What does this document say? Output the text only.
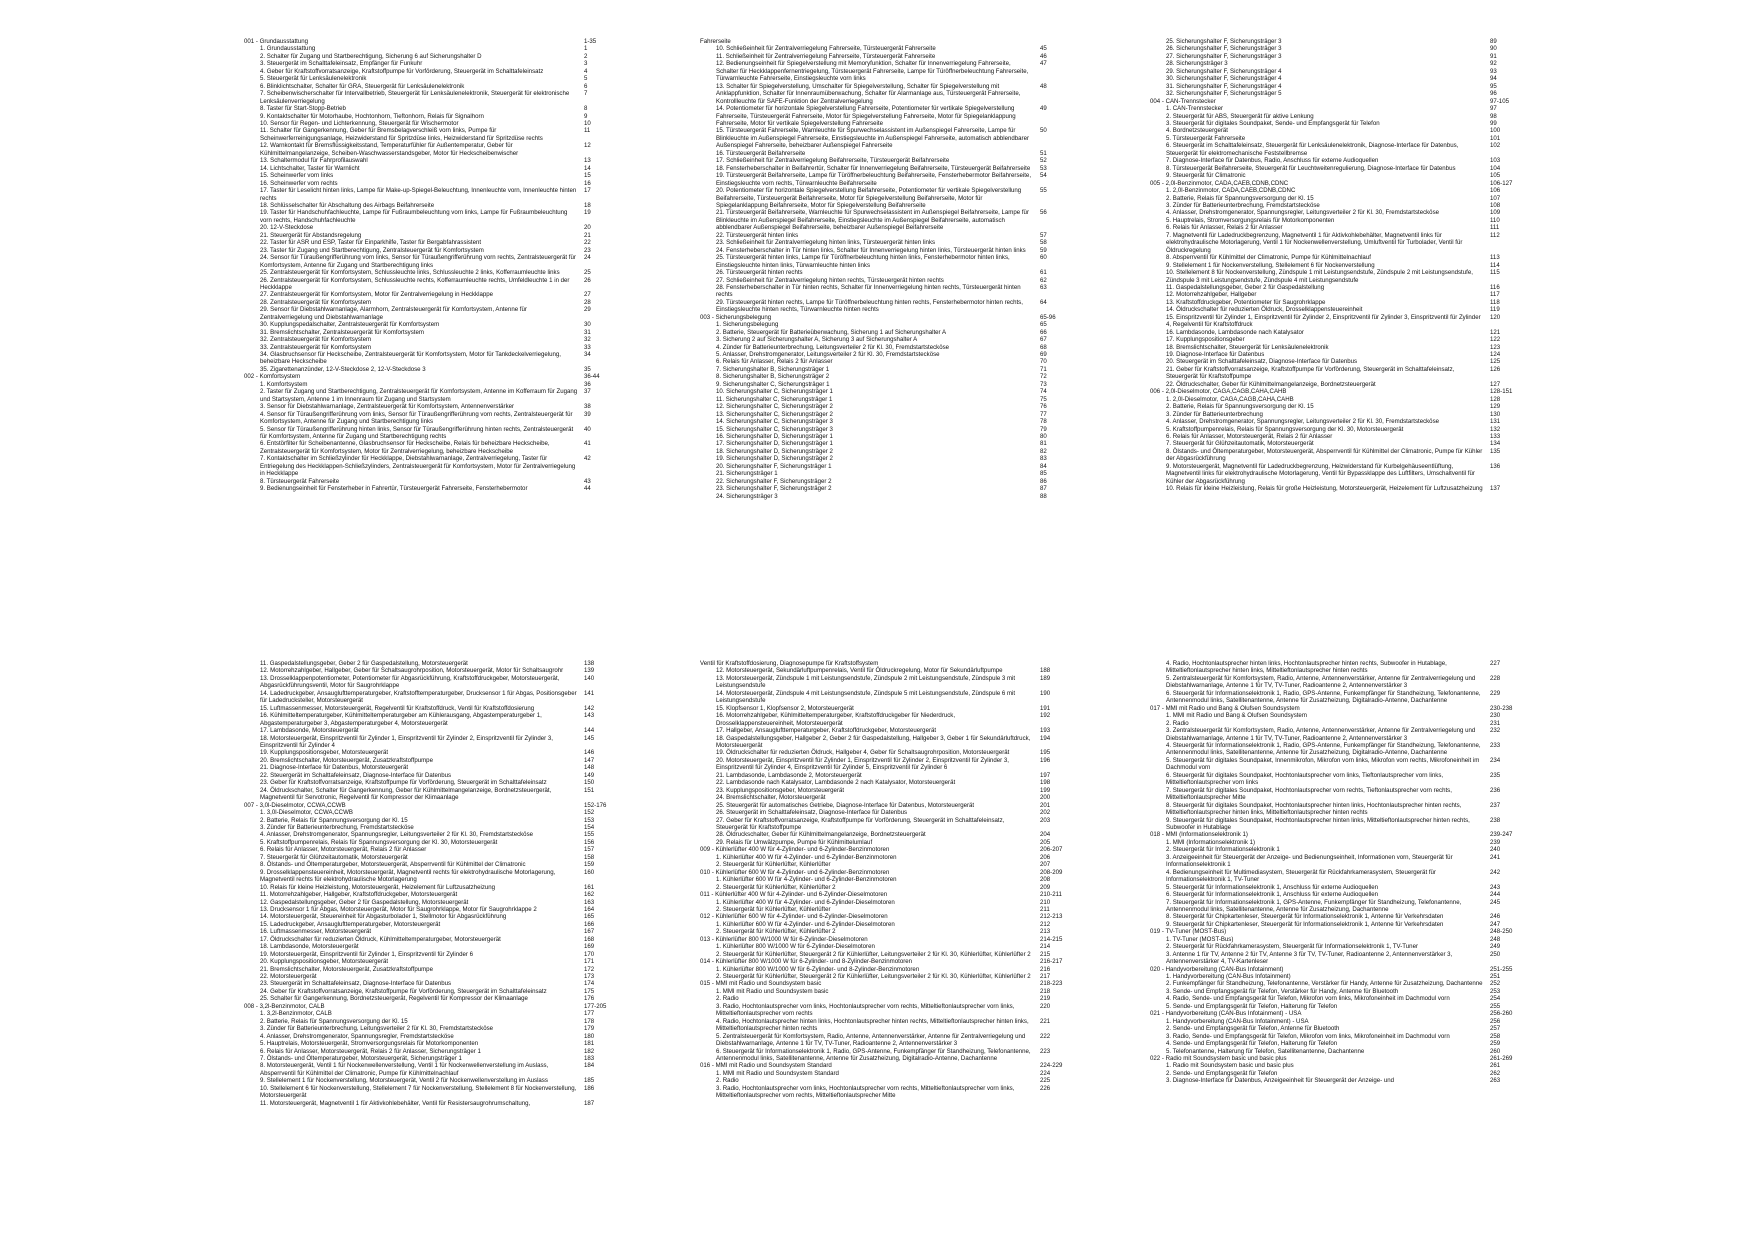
001 - Grundausstattung	1-35
1. Grundausstattung	1
2. Schalter für Zugang und Startberechtigung, Sicherung 6 auf Sicherungshalter D	2
3. Steuergerät im Schalttafeleinsatz, Empfänger für Funkuhr	3
4. Geber für Kraftstoffvorratsanzeige, Kraftstoffpumpe für Vorförderung, Steuergerät im Schalttafeleinsatz	4
5. Steuergerät für Lenksäulenelektronik	5
6. Blinklichtschalter, Schalter für GRA, Steuergerät für Lenksäulenelektronik	6
7. Scheibenwischerschalter für Intervallbetrieb, Steuergerät für Lenksäulenelektronik, Steuergerät für elektronische Lenksäulenverriegelung
7
8. Taster für Start-Stopp-Betrieb	8
9. Kontaktschalter für Motorhaube, Hochtonhorn, Tieftonhorn, Relais für Signalhorn	9
10. Sensor für Regen- und Lichterkennung, Steuergerät für Wischermotor	10
11. Schalter für Gangerkennung, Geber für Bremsbelagverschleiß vorn links, Pumpe für Scheinwerferreinigungsanlage, Heizwiderstand für Spritzdüse links, Heizwiderstand für Spritzdüse rechts
11
12. Warnkontakt für Bremsflüssigkeitsstand, Temperaturfühler für Außentemperatur, Geber für Kühlmittelmangelanzeige, Scheiben-Waschwasserstandsgeber, Motor für Heckscheibenwischer
12
13. Schaltermodul für Fahrprofilauswahl	13
14. Lichtschalter, Taster für Warnlicht	14
15. Scheinwerfer vorn links	15
16. Scheinwerfer vorn rechts	16
17. Taster für Leselicht hinten links, Lampe für Make-up-Spiegel-Beleuchtung, Innenleuchte vorn, Innenleuchte hinten rechts
17
18. Schlüsselschalter für Abschaltung des Airbags Beifahrerseite	18
19. Taster für Handschuhfachleuchte, Lampe für Fußraumbeleuchtung vorn links, Lampe für Fußraumbeleuchtung vorn rechts, Handschuhfachleuchte
19
20. 12-V-Steckdose	20
21. Steuergerät für Abstandsregelung	21
22. Taster für ASR und ESP, Taster für Einparkhilfe, Taster für Bergabfahrassistent	22
23. Taster für Zugang und Startberechtigung, Zentralsteuergerät für Komfortsystem	23
24. Sensor für Türaußengrifferührung vorn links, Sensor für Türaußengrifferührung vorn rechts, Zentralsteuergerät für Komfortsystem, Antenne für Zugang und Startberechtigung links
24
25. Zentralsteuergerät für Komfortsystem, Schlussleuchte links, Schlussleuchte 2 links, Kofferraumleuchte links	25
26. Zentralsteuergerät für Komfortsystem, Schlussleuchte rechts, Kofferraumleuchte rechts, Umfeldleuchte 1 in der Heckklappe
26
27. Zentralsteuergerät für Komfortsystem, Motor für Zentralverriegelung in Heckklappe	27
28. Zentralsteuergerät für Komfortsystem	28
29. Sensor für Diebstahlwarnanlage, Alarmhorn, Zentralsteuergerät für Komfortsystem, Antenne für Zentralverriegelung und Diebstahlwarnanlage
29
30. Kupplungspedalschalter, Zentralsteuergerät für Komfortsystem	30
31. Bremslichtschalter, Zentralsteuergerät für Komfortsystem	31
32. Zentralsteuergerät für Komfortsystem	32
33. Zentralsteuergerät für Komfortsystem	33
34. Glasbruchsensor für Heckscheibe, Zentralsteuergerät für Komfortsystem, Motor für Tankdeckelverriegelung, beheizbare Heckscheibe
34
35. Zigarettenanzünder, 12-V-Steckdose 2, 12-V-Steckdose 3	35
002 - Komfortsystem	36-44
1. Komfortsystem	36
2. Taster für Zugang und Startberechtigung, Zentralsteuergerät für Komfortsystem, Antenne im Kofferraum für Zugang und Startsystem, Antenne 1 im Innenraum für Zugang und Startsystem
37
3. Sensor für Diebstahlwarnanlage, Zentralsteuergerät für Komfortsystem, Antennenverstärker	38
4. Sensor für Türaußengrifferührung vorn links, Sensor für Türaußengrifferührung vorn rechts, Zentralsteuergerät für Komfortsystem, Antenne für Zugang und Startberechtigung links
39
5. Sensor für Türaußengrifferührung hinten links, Sensor für Türaußengrifferührung hinten rechts, Zentralsteuergerät für Komfortsystem, Antenne für Zugang und Startberechtigung rechts
40
6. Entstörfilter für Scheibenantenne, Glasbruchsensor für Heckscheibe, Relais für beheizbare Heckscheibe, Zentralsteuergerät für Komfortsystem, Motor für Zentralverriegelung, beheizbare Heckscheibe
41
7. Kontaktschalter im Schließzylinder für Heckklappe, Diebstahlwarnanlage, Zentralverriegelung, Taster für Entriegelung des Heckklappen-Schließzylinders, Zentralsteuergerät für Komfortsystem, Motor für Zentralverriegelung in Heckklappe
42
8. Türsteuergerät Fahrerseite	43
9. Bedienungseinheit für Fensterheber in Fahrertür, Türsteuergerät Fahrerseite, Fensterhebermotor	44
Fahrerseite
10. Schließeinheit für Zentralverriegelung Fahrerseite, Türsteuergerät Fahrerseite	45
11. Schließeinheit für Zentralverriegelung Fahrerseite, Türsteuergerät Fahrerseite	46
12. Bedienungseinheit für Spiegelverstellung mit Memoryfunktion, Schalter für Innenverriegelung Fahrerseite, Schalter für Heckklappenfernentriegelung, Türsteuergerät Fahrerseite, Lampe für Türöffnerbeleuchtung Fahrerseite, Türwarnleuchte Fahrerseite, Einstiegsleuchte vorn links
47
13. Schalter für Spiegelverstellung, Umschalter für Spiegelverstellung, Schalter für Spiegelverstellung mit Anklappfunktion, Schalter für Innenraumüberwachung, Schalter für Alarmanlage aus, Türsteuergerät Fahrerseite, Kontrollleuchte für SAFE-Funktion der Zentralverriegelung
48
14. Potentiometer für horizontale Spiegelverstellung Fahrerseite, Potentiometer für vertikale Spiegelverstellung Fahrerseite, Türsteuergerät Fahrerseite, Motor für Spiegelverstellung Fahrerseite, Motor für Spiegelanklappung Fahrerseite, Motor für vertikale Spiegelverstellung Fahrerseite
49
15. Türsteuergerät Fahrerseite, Warnleuchte für Spurwechselassistent im Außenspiegel Fahrerseite, Lampe für Blinkleuchte im Außenspiegel Fahrerseite, Einstiegsleuchte im Außenspiegel Fahrerseite, automatisch abblendbarer Außenspiegel Fahrerseite, beheizbarer Außenspiegel Fahrerseite
50
16. Türsteuergerät Beifahrerseite	51
17. Schließeinheit für Zentralverriegelung Beifahrerseite, Türsteuergerät Beifahrerseite	52
18. Fensterheberschalter in Beifahrertür, Schalter für Innenverriegelung Beifahrerseite, Türsteuergerät Beifahrerseite	53
19. Türsteuergerät Beifahrerseite, Lampe für Türöffnerbeleuchtung Beifahrerseite, Fensterhebermotor Beifahrerseite, Einstiegsleuchte vorn rechts, Türwarnleuchte Beifahrerseite
54
20. Potentiometer für horizontale Spiegelverstellung Beifahrerseite, Potentiometer für vertikale Spiegelverstellung Beifahrerseite, Türsteuergerät Beifahrerseite, Motor für Spiegelverstellung Beifahrerseite, Motor für Spiegelanklappung Beifahrerseite, Motor für Spiegelverstellung Beifahrerseite
55
21. Türsteuergerät Beifahrerseite, Warnleuchte für Spurwechselassistent im Außenspiegel Beifahrerseite, Lampe für Blinkleuchte im Außenspiegel Beifahrerseite, Einstiegsleuchte im Außenspiegel Beifahrerseite, automatisch abblendbarer Außenspiegel Beifahrerseite, beheizbarer Außenspiegel Beifahrerseite
56
22. Türsteuergerät hinten links	57
23. Schließeinheit für Zentralverriegelung hinten links, Türsteuergerät hinten links	58
24. Fensterheberschalter in Tür hinten links, Schalter für Innenverriegelung hinten links, Türsteuergerät hinten links	59
25. Türsteuergerät hinten links, Lampe für Türöffnerbeleuchtung hinten links, Fensterhebermotor hinten links, Einstiegsleuchte hinten links, Türwarnleuchte hinten links
60
26. Türsteuergerät hinten rechts	61
27. Schließeinheit für Zentralverriegelung hinten rechts, Türsteuergerät hinten rechts	62
28. Fensterheberschalter in Tür hinten rechts, Schalter für Innenverriegelung hinten rechts, Türsteuergerät hinten rechts
63
29. Türsteuergerät hinten rechts, Lampe für Türöffnerbeleuchtung hinten rechts, Fensterhebermotor hinten rechts, Einstiegsleuchte hinten rechts, Türwarnleuchte hinten rechts
64
003 - Sicherungsbelegung	65-96
1. Sicherungsbelegung	65
2. Batterie, Steuergerät für Batterieüberwachung, Sicherung 1 auf Sicherungshalter A	66
3. Sicherung 2 auf Sicherungshalter A, Sicherung 3 auf Sicherungshalter A	67
4. Zünder für Batterieunterbrechung, Leitungsverteiler 2 für Kl. 30, Fremdstartstecköse	68
5. Anlasser, Drehstromgenerator, Leitungsverteiler 2 für Kl. 30, Fremdstartstecköse	69
6. Relais für Anlasser, Relais 2 für Anlasser	70
7. Sicherungshalter B, Sicherungsträger 1	71
8. Sicherungshalter B, Sicherungsträger 2	72
9. Sicherungshalter C, Sicherungsträger 1	73
10. Sicherungshalter C, Sicherungsträger 1	74
11. Sicherungshalter C, Sicherungsträger 1	75
12. Sicherungshalter C, Sicherungsträger 2	76
13. Sicherungshalter C, Sicherungsträger 2	77
14. Sicherungshalter C, Sicherungsträger 3	78
15. Sicherungshalter C, Sicherungsträger 3	79
16. Sicherungshalter D, Sicherungsträger 1	80
17. Sicherungshalter D, Sicherungsträger 1	81
18. Sicherungshalter D, Sicherungsträger 2	82
19. Sicherungshalter D, Sicherungsträger 2	83
20. Sicherungshalter F, Sicherungsträger 1	84
21. Sicherungsträger 1	85
22. Sicherungshalter F, Sicherungsträger 2	86
23. Sicherungshalter F, Sicherungsträger 2	87
24. Sicherungsträger 3	88
25. Sicherungshalter F, Sicherungsträger 3	89
26. Sicherungshalter F, Sicherungsträger 3	90
27. Sicherungshalter F, Sicherungsträger 3	91
28. Sicherungsträger 3	92
29. Sicherungshalter F, Sicherungsträger 4	93
30. Sicherungshalter F, Sicherungsträger 4	94
31. Sicherungshalter F, Sicherungsträger 4	95
32. Sicherungshalter F, Sicherungsträger 5	96
004 - CAN-Trennstecker	97-105
1. CAN-Trennstecker	97
2. Steuergerät für ABS, Steuergerät für aktive Lenkung	98
3. Steuergerät für digitales Soundpaket, Sende- und Empfangsgerät für Telefon	99
4. Bordnetzsteuergerät	100
5. Türsteuergerät Fahrerseite	101
6. Steuergerät im Schalttafeleinsatz, Steuergerät für Lenksäulenelektronik, Diagnose-Interface für Datenbus, Steuergerät für elektromechanische Feststellbremse
102
7. Diagnose-Interface für Datenbus, Radio, Anschluss für externe Audioquellen	103
8. Türsteuergerät Beifahrerseite, Steuergerät für Leuchtweitenregulierung, Diagnose-Interface für Datenbus	104
9. Steuergerät für Climatronic	105
005 - 2,0l-Benzinmotor, CADA,CAEB,CDNB,CDNC	106-127
1. 2,0l-Benzinmotor, CADA,CAEB,CDNB,CDNC	106
2. Batterie, Relais für Spannungsversorgung der Kl. 15	107
3. Zünder für Batterieunterbrechung, Fremdstartstecköse	108
4. Anlasser, Drehstromgenerator, Spannungsregler, Leitungsverteiler 2 für Kl. 30, Fremdstartstecköse	109
5. Hauptrelais, Stromversorgungsrelais für Motorkomponenten	110
6. Relais für Anlasser, Relais 2 für Anlasser	111
7. Magnetventil für Ladedruckbegrenzung, Magnetventil 1 für Aktivkohlebehälter, Magnetventil links für elektrohydraulische Motorlagerung, Ventil 1 für Nockenwellenverstellung, Umluftventil für Turbolader, Ventil für Öldruckregelung
112
8. Absperrventil für Kühlmittel der Climatronic, Pumpe für Kühlmittelnachlauf	113
9. Stellelement 1 für Nockenverstellung, Stellelement 6 für Nockenverstellung	114
10. Stellelement 8 für Nockenverstellung, Zündspule 1 mit Leistungsendstufe, Zündspule 2 mit Leistungsendstufe, Zündspule 3 mit Leistungsendstufe, Zündspule 4 mit Leistungsendstufe
115
11. Gaspedalstellungsgeber, Geber 2 für Gaspedalstellung	116
12. Motorrehzahlgeber, Hallgeber	117
13. Kraftstoffdruckgeber, Potentiometer für Saugrohrklappe	118
14. Öldruckschalter für reduzierten Öldruck, Drosselklappensteuereinheit	119
15. Einspritzventil für Zylinder 1, Einspritzventil für Zylinder 2, Einspritzventil für Zylinder 3, Einspritzventil für Zylinder 4, Regelventil für Kraftstoffdruck
120
16. Lambdasonde, Lambdasonde nach Katalysator	121
17. Kupplungspositionsgeber	122
18. Bremslichtschalter, Steuergerät für Lenksäulenelektronik	123
19. Diagnose-Interface für Datenbus	124
20. Steuergerät im Schalttafeleinsatz, Diagnose-Interface für Datenbus	125
21. Geber für Kraftstoffvorratsanzeige, Kraftstoffpumpe für Vorförderung, Steuergerät im Schalttafeleinsatz, Steuergerät für Kraftstoffpumpe
126
22. Öldruckschalter, Geber für Kühlmittelmangelanzeige, Bordnetzsteuergerät	127
006 - 2,0l-Dieselmotor, CAGA,CAGB,CAHA,CAHB	128-151
1. 2,0l-Dieselmotor, CAGA,CAGB,CAHA,CAHB	128
2. Batterie, Relais für Spannungsversorgung der Kl. 15	129
3. Zünder für Batterieunterbrechung	130
4. Anlasser, Drehstromgenerator, Spannungsregler, Leitungsverteiler 2 für Kl. 30, Fremdstartstecköse	131
5. Kraftstoffpumpenrelais, Relais für Spannungsversorgung der Kl. 30, Motorsteuergerät	132
6. Relais für Anlasser, Motorsteuergerät, Relais 2 für Anlasser	133
7. Steuergerät für Glühzeitautomatik, Motorsteuergerät	134
8. Ölstands- und Öltemperaturgeber, Motorsteuergerät, Absperrventil für Kühlmittel der Climatronic, Pumpe für Kühler der Abgasrückführung
135
9. Motorsteuergerät, Magnetventil für Ladedruckbegrenzung, Heizwiderstand für Kurbelgehäuseentlüftung, Magnetventil links für elektrohydraulische Motorlagerung, Ventil für Bypassklappe des Luftfilters, Umschaltventil für Kühler der Abgasrückführung
136
10. Relais für kleine Heizleistung, Relais für große Heizleistung, Motorsteuergerät, Heizelement für Luftzusatzheizung	137
11. Gaspedalstellungsgeber, Geber 2 für Gaspedalstellung, Motorsteuergerät	138
12. Motorrehzahlgeber, Hallgeber, Geber für Schaltsaugrohrposition, Motorsteuergerät, Motor für Schaltsaugrohr	139
13. Drosselklappenpotentiometer, Potentiometer für Abgasrückführung, Kraftstoffdruckgeber, Motorsteuergerät, Abgasrückführungsventil, Motor für Saugrohrklappe
140
14. Ladedruckgeber, Ansauglufttemperaturgeber, Kraftstofftemperaturgeber, Drucksensor 1 für Abgas, Positionsgeber für Ladedrucksteller, Motorsteuergerät
141
15. Luftmassenmesser, Motorsteuergerät, Regelventil für Kraftstoffdruck, Ventil für Kraftstoffdosierung	142
16. Kühlmitteltemperaturgeber, Kühlmitteltemperaturgeber am Kühlerausgang, Abgastemperaturgeber 1, Abgastemperaturgeber 3, Abgastemperaturgeber 4, Motorsteuergerät
143
17. Lambdasonde, Motorsteuergerät	144
18. Motorsteuergerät, Einspritzventil für Zylinder 1, Einspritzventil für Zylinder 2, Einspritzventil für Zylinder 3, Einspritzventil für Zylinder 4
145
19. Kupplungspositionsgeber, Motorsteuergerät	146
20. Bremslichtschalter, Motorsteuergerät, Zusatzkraftstoffpumpe	147
21. Diagnose-Interface für Datenbus, Motorsteuergerät	148
22. Steuergerät im Schalttafeleinsatz, Diagnose-Interface für Datenbus	149
23. Geber für Kraftstoffvorratsanzeige, Kraftstoffpumpe für Vorförderung, Steuergerät im Schalttafeleinsatz	150
24. Öldruckschalter, Schalter für Gangerkennung, Geber für Kühlmittelmangelanzeige, Bordnetzsteuergerät, Magnetventil für Servotronic, Regelventil für Kompressor der Klimaanlage
151
007 - 3,0l-Dieselmotor, CCWA,CCWB	152-176
1. 3,0l-Dieselmotor, CCWA,CCWB	152
2. Batterie, Relais für Spannungsversorgung der Kl. 15	153
3. Zünder für Batterieunterbrechung, Fremdstartstecköse	154
4. Anlasser, Drehstromgenerator, Spannungsregler, Leitungsverteiler 2 für Kl. 30, Fremdstartstecköse	155
5. Kraftstoffpumpenrelais, Relais für Spannungsversorgung der Kl. 30, Motorsteuergerät	156
6. Relais für Anlasser, Motorsteuergerät, Relais 2 für Anlasser	157
7. Steuergerät für Glühzeitautomatik, Motorsteuergerät	158
8. Ölstands- und Öltemperaturgeber, Motorsteuergerät, Absperrventil für Kühlmittel der Climatronic	159
9. Drosselklappensteuereinheit, Motorsteuergerät, Magnetventil rechts für elektrohydraulische Motorlagerung, Magnetventil rechts für elektrohydraulische Motorlagerung
160
10. Relais für kleine Heizleistung, Motorsteuergerät, Heizelement für Luftzusatzheizung	161
11. Motorrehzahlgeber, Hallgeber, Kraftstoffdruckgeber, Motorsteuergerät	162
12. Gaspedalstellungsgeber, Geber 2 für Gaspedalstellung, Motorsteuergerät	163
13. Drucksensor 1 für Abgas, Motorsteuergerät, Motor für Saugrohrklappe, Motor für Saugrohrklappe 2	164
14. Motorsteuergerät, Steuereinheit für Abgasturbolader 1, Stellmotor für Abgasrückführung	165
15. Ladedruckgeber, Ansauglufttemperaturgeber, Motorsteuergerät	166
16. Luftmassenmesser, Motorsteuergerät	167
17. Öldruckschalter für reduzierten Öldruck, Kühlmitteltemperaturgeber, Motorsteuergerät	168
18. Lambdasonde, Motorsteuergerät	169
19. Motorsteuergerät, Einspritzventil für Zylinder 1, Einspritzventil für Zylinder 6	170
20. Kupplungspositionsgeber, Motorsteuergerät	171
21. Bremslichtschalter, Motorsteuergerät, Zusatzkraftstoffpumpe	172
22. Motorsteuergerät	173
23. Steuergerät im Schalttafeleinsatz, Diagnose-Interface für Datenbus	174
24. Geber für Kraftstoffvorratsanzeige, Kraftstoffpumpe für Vorförderung, Steuergerät im Schalttafeleinsatz	175
25. Schalter für Gangerkennung, Bordnetzsteuergerät, Regelventil für Kompressor der Klimaanlage	176
008 - 3,2l-Benzinmotor, CALB	177-205
1. 3,2l-Benzinmotor, CALB	177
2. Batterie, Relais für Spannungsversorgung der Kl. 15	178
3. Zünder für Batterieunterbrechung, Leitungsverteiler 2 für Kl. 30, Fremdstartstecköse	179
4. Anlasser, Drehstromgenerator, Spannungsregler, Fremdstartstecköse	180
5. Hauptrelais, Motorsteuergerät, Stromversorgungsrelais für Motorkomponenten	181
6. Relais für Anlasser, Motorsteuergerät, Relais 2 für Anlasser, Sicherungsträger 1	182
7. Ölstands- und Öltemperaturgeber, Motorsteuergerät, Sicherungsträger 1	183
8. Motorsteuergerät, Ventil 1 für Nockenwellenverstellung, Ventil 1 für Nockenwellenverstellung im Auslass, Absperrventil für Kühlmittel der Climatronic, Pumpe für Kühlmittelnachlauf
184
9. Stellelement 1 für Nockenverstellung, Motorsteuergerät, Ventil 2 für Nockenwellenverstellung im Auslass	185
10. Stellelement 6 für Nockenverstellung, Stellelement 7 für Nockenverstellung, Stellelement 8 für Nockenverstellung, Motorsteuergerät
186
11. Motorsteuergerät, Magnetventil 1 für Aktivkohlebehälter, Ventil für Resistersaugrohrumschaltung,	187
Ventil für Kraftstoffdosierung, Diagnosepumpe für Kraftstoffsystem
12. Motorsteuergerät, Sekundärluftpumpenrelais, Ventil für Öldruckregelung, Motor für Sekundärluftpumpe	188
13. Motorsteuergerät, Zündspule 1 mit Leistungsendstufe, Zündspule 2 mit Leistungsendstufe, Zündspule 3 mit Leistungsendstufe
189
14. Motorsteuergerät, Zündspule 4 mit Leistungsendstufe, Zündspule 5 mit Leistungsendstufe, Zündspule 6 mit Leistungsendstufe
190
15. Klopfsensor 1, Klopfsensor 2, Motorsteuergerät	191
16. Motorrehzahlgeber, Kühlmitteltemperaturgeber, Kraftstoffdruckgeber für Niederdruck, Drosselklappensteuereinheit, Motorsteuergerät
192
17. Hallgeber, Ansauglufttemperaturgeber, Kraftstoffdruckgeber, Motorsteuergerät	193
18. Gaspedalstellungsgeber, Hallgeber 2, Geber 2 für Gaspedalstellung, Hallgeber 3, Geber 1 für Sekundärluftdruck, Motorsteuergerät
194
19. Öldruckschalter für reduzierten Öldruck, Hallgeber 4, Geber für Schaltsaugrohrposition, Motorsteuergerät	195
20. Motorsteuergerät, Einspritzventil für Zylinder 1, Einspritzventil für Zylinder 2, Einspritzventil für Zylinder 3, Einspritzventil für Zylinder 4, Einspritzventil für Zylinder 5, Einspritzventil für Zylinder 6
196
21. Lambdasonde, Lambdasonde 2, Motorsteuergerät	197
22. Lambdasonde nach Katalysator, Lambdasonde 2 nach Katalysator, Motorsteuergerät	198
23. Kupplungspositionsgeber, Motorsteuergerät	199
24. Bremslichtschalter, Motorsteuergerät	200
25. Steuergerät für automatisches Getriebe, Diagnose-Interface für Datenbus, Motorsteuergerät	201
26. Steuergerät im Schalttafeleinsatz, Diagnose-Interface für Datenbus	202
27. Geber für Kraftstoffvorratsanzeige, Kraftstoffpumpe für Vorförderung, Steuergerät im Schalttafeleinsatz, Steuergerät für Kraftstoffpumpe
203
28. Öldruckschalter, Geber für Kühlmittelmangelanzeige, Bordnetzsteuergerät	204
29. Relais für Umwälzpumpe, Pumpe für Kühlmittelumlauf	205
009 - Kühlerlüfter 400 W für 4-Zylinder- und 6-Zylinder-Benzinmotoren	206-207
1. Kühlerlüfter 400 W für 4-Zylinder- und 6-Zylinder-Benzinmotoren	206
2. Steuergerät für Kühlerlüfter, Kühlerlüfter	207
010 - Kühlerlüfter 600 W für 4-Zylinder- und 6-Zylinder-Benzinmotoren	208-209
1. Kühlerlüfter 600 W für 4-Zylinder- und 6-Zylinder-Benzinmotoren	208
2. Steuergerät für Kühlerlüfter, Kühlerlüfter 2	209
011 - Kühlerlüfter 400 W für 4-Zylinder- und 6-Zylinder-Dieselmotoren	210-211
1. Kühlerlüfter 400 W für 4-Zylinder- und 6-Zylinder-Dieselmotoren	210
2. Steuergerät für Kühlerlüfter, Kühlerlüfter	211
012 - Kühlerlüfter 600 W für 4-Zylinder- und 6-Zylinder-Dieselmotoren	212-213
1. Kühlerlüfter 600 W für 4-Zylinder- und 6-Zylinder-Dieselmotoren	212
2. Steuergerät für Kühlerlüfter, Kühlerlüfter 2	213
013 - Kühlerlüfter 800 W/1000 W für 6-Zylinder-Dieselmotoren	214-215
1. Kühlerlüfter 800 W/1000 W für 6-Zylinder-Dieselmotoren	214
2. Steuergerät für Kühlerlüfter, Steuergerät 2 für Kühlerlüfter, Leitungsverteiler 2 für Kl. 30, Kühlerlüfter, Kühlerlüfter 2	215
014 - Kühlerlüfter 800 W/1000 W für 6-Zylinder- und 8-Zylinder-Benzinmotoren	216-217
1. Kühlerlüfter 800 W/1000 W für 6-Zylinder- und 8-Zylinder-Benzinmotoren	216
2. Steuergerät für Kühlerlüfter, Steuergerät 2 für Kühlerlüfter, Leitungsverteiler 2 für Kl. 30, Kühlerlüfter, Kühlerlüfter 2	217
015 - MMI mit Radio und Soundsystem basic	218-223
1. MMI mit Radio und Soundsystem basic	218
2. Radio	219
3. Radio, Hochtonlautsprecher vorn links, Hochtonlautsprecher vorn rechts, Mitteltieftonlautsprecher vorn links, Mitteltieftonlautsprecher vorn rechts
220
4. Radio, Hochtonlautsprecher hinten links, Hochtonlautsprecher hinten rechts, Mitteltieftonlautsprecher hinten links, Mitteltieftonlautsprecher hinten rechts
221
5. Zentralsteuergerät für Komfortsystem, Radio, Antenne, Antennenverstärker, Antenne für Zentralverriegelung und Diebstahlwarnanlage, Antenne 1 für TV, TV-Tuner, Radioantenne 2, Antennenverstärker 3
222
6. Steuergerät für Informationselektronik 1, Radio, GPS-Antenne, Funkempfänger für Standheizung, Telefonantenne, Antennenmodul links, Satellitenantenne, Antenne für Zusatzheizung, Digitalradio-Antenne, Dachantenne
223
016 - MMI mit Radio und Soundsystem Standard	224-229
1. MMI mit Radio und Soundsystem Standard	224
2. Radio	225
3. Radio, Hochtonlautsprecher vorn links, Hochtonlautsprecher vorn rechts, Mitteltieftonlautsprecher vorn links, Mitteltieftonlautsprecher vorn rechts, Mitteltieftonlautsprecher Mitte
226
4. Radio, Hochtonlautsprecher hinten links, Hochtonlautsprecher hinten rechts, Subwoofer in Hutablage, Mitteltieftonlautsprecher hinten links, Mitteltieftonlautsprecher hinten rechts
227
5. Zentralsteuergerät für Komfortsystem, Radio, Antenne, Antennenverstärker, Antenne für Zentralverriegelung und Diebstahlwarnanlage, Antenne 1 für TV, TV-Tuner, Radioantenne 2, Antennenverstärker 3
228
6. Steuergerät für Informationselektronik 1, Radio, GPS-Antenne, Funkempfänger für Standheizung, Telefonantenne, Antennenmodul links, Satellitenantenne, Antenne für Zusatzheizung, Digitalradio-Antenne, Dachantenne
229
017 - MMI mit Radio und Bang & Olufsen Soundsystem	230-238
1. MMI mit Radio und Bang & Olufsen Soundsystem	230
2. Radio	231
3. Zentralsteuergerät für Komfortsystem, Radio, Antenne, Antennenverstärker, Antenne für Zentralverriegelung und Diebstahlwarnanlage, Antenne 1 für TV, TV-Tuner, Radioantenne 2, Antennenverstärker 3
232
4. Steuergerät für Informationselektronik 1, Radio, GPS-Antenne, Funkempfänger für Standheizung, Telefonantenne, Antennenmodul links, Satellitenantenne, Antenne für Zusatzheizung, Digitalradio-Antenne, Dachantenne
233
5. Steuergerät für digitales Soundpaket, Innenmikrofon, Mikrofon vorn links, Mikrofon vorn rechts, Mikrofoneinheit im Dachmodul vorn
234
6. Steuergerät für digitales Soundpaket, Hochtonlautsprecher vorn links, Tieftonlautsprecher vorn links, Mitteltieftonlautsprecher vorn links
235
7. Steuergerät für digitales Soundpaket, Hochtonlautsprecher vorn rechts, Tieftonlautsprecher vorn rechts, Mitteltieftonlautsprecher Mitte
236
8. Steuergerät für digitales Soundpaket, Hochtonlautsprecher hinten links, Hochtonlautsprecher hinten rechts, Mitteltieftonlautsprecher hinten links, Mitteltieftonlautsprecher hinten rechts
237
9. Steuergerät für digitales Soundpaket, Hochtonlautsprecher hinten links, Mitteltieftonlautsprecher hinten rechts, Subwoofer in Hutablage
238
018 - MMI (Informationselektronik 1)	239-247
1. MMI (Informationselektronik 1)	239
2. Steuergerät für Informationselektronik 1	240
3. Anzeigeeinheit für Steuergerät der Anzeige- und Bedienungseinheit, Informationen vorn, Steuergerät für Informationselektronik 1
241
4. Bedienungseinheit für Multimediasystem, Steuergerät für Rückfahrkamerasystem, Steuergerät für Informationselektronik 1, TV-Tuner
242
5. Steuergerät für Informationselektronik 1, Anschluss für externe Audioquellen	243
6. Steuergerät für Informationselektronik 1, Anschluss für externe Audioquellen	244
7. Steuergerät für Informationselektronik 1, GPS-Antenne, Funkempfänger für Standheizung, Telefonantenne, Antennenmodul links, Satellitenantenne, Antenne für Zusatzheizung, Dachantenne
245
8. Steuergerät für Chipkartenleser, Steuergerät für Informationselektronik 1, Antenne für Verkehrsdaten	246
9. Steuergerät für Chipkartenleser, Steuergerät für Informationselektronik 1, Antenne für Verkehrsdaten	247
019 - TV-Tuner (MOST-Bus)	248-250
1. TV-Tuner (MOST-Bus)	248
2. Steuergerät für Rückfahrkamerasystem, Steuergerät für Informationselektronik 1, TV-Tuner	249
3. Antenne 1 für TV, Antenne 2 für TV, Antenne 3 für TV, TV-Tuner, Radioantenne 2, Antennenverstärker 3, Antennenverstärker 4, TV-Kartenleser
250
020 - Handyvorbereitung (CAN-Bus Infotainment)	251-255
1. Handyvorbereitung (CAN-Bus Infotainment)	251
2. Funkempfänger für Standheizung, Telefonantenne, Verstärker für Handy, Antenne für Zusatzheizung, Dachantenne	252
3. Sende- und Empfangsgerät für Telefon, Verstärker für Handy, Antenne für Bluetooth	253
4. Radio, Sende- und Empfangsgerät für Telefon, Mikrofon vorn links, Mikrofoneinheit im Dachmodul vorn	254
5. Sende- und Empfangsgerät für Telefon, Halterung für Telefon	255
021 - Handyvorbereitung (CAN-Bus Infotainment) - USA	256-260
1. Handyvorbereitung (CAN-Bus Infotainment) - USA	256
2. Sende- und Empfangsgerät für Telefon, Antenne für Bluetooth	257
3. Radio, Sende- und Empfangsgerät für Telefon, Mikrofon vorn links, Mikrofoneinheit im Dachmodul vorn	258
4. Sende- und Empfangsgerät für Telefon, Halterung für Telefon	259
5. Telefonantenne, Halterung für Telefon, Satellitenantenne, Dachantenne	260
022 - Radio mit Soundsystem basic und basic plus	261-269
1. Radio mit Soundsystem basic und basic plus	261
2. Sende- und Empfangsgerät für Telefon	262
3. Diagnose-Interface für Datenbus, Anzeigeeinheit für Steuergerät der Anzeige- und	263
